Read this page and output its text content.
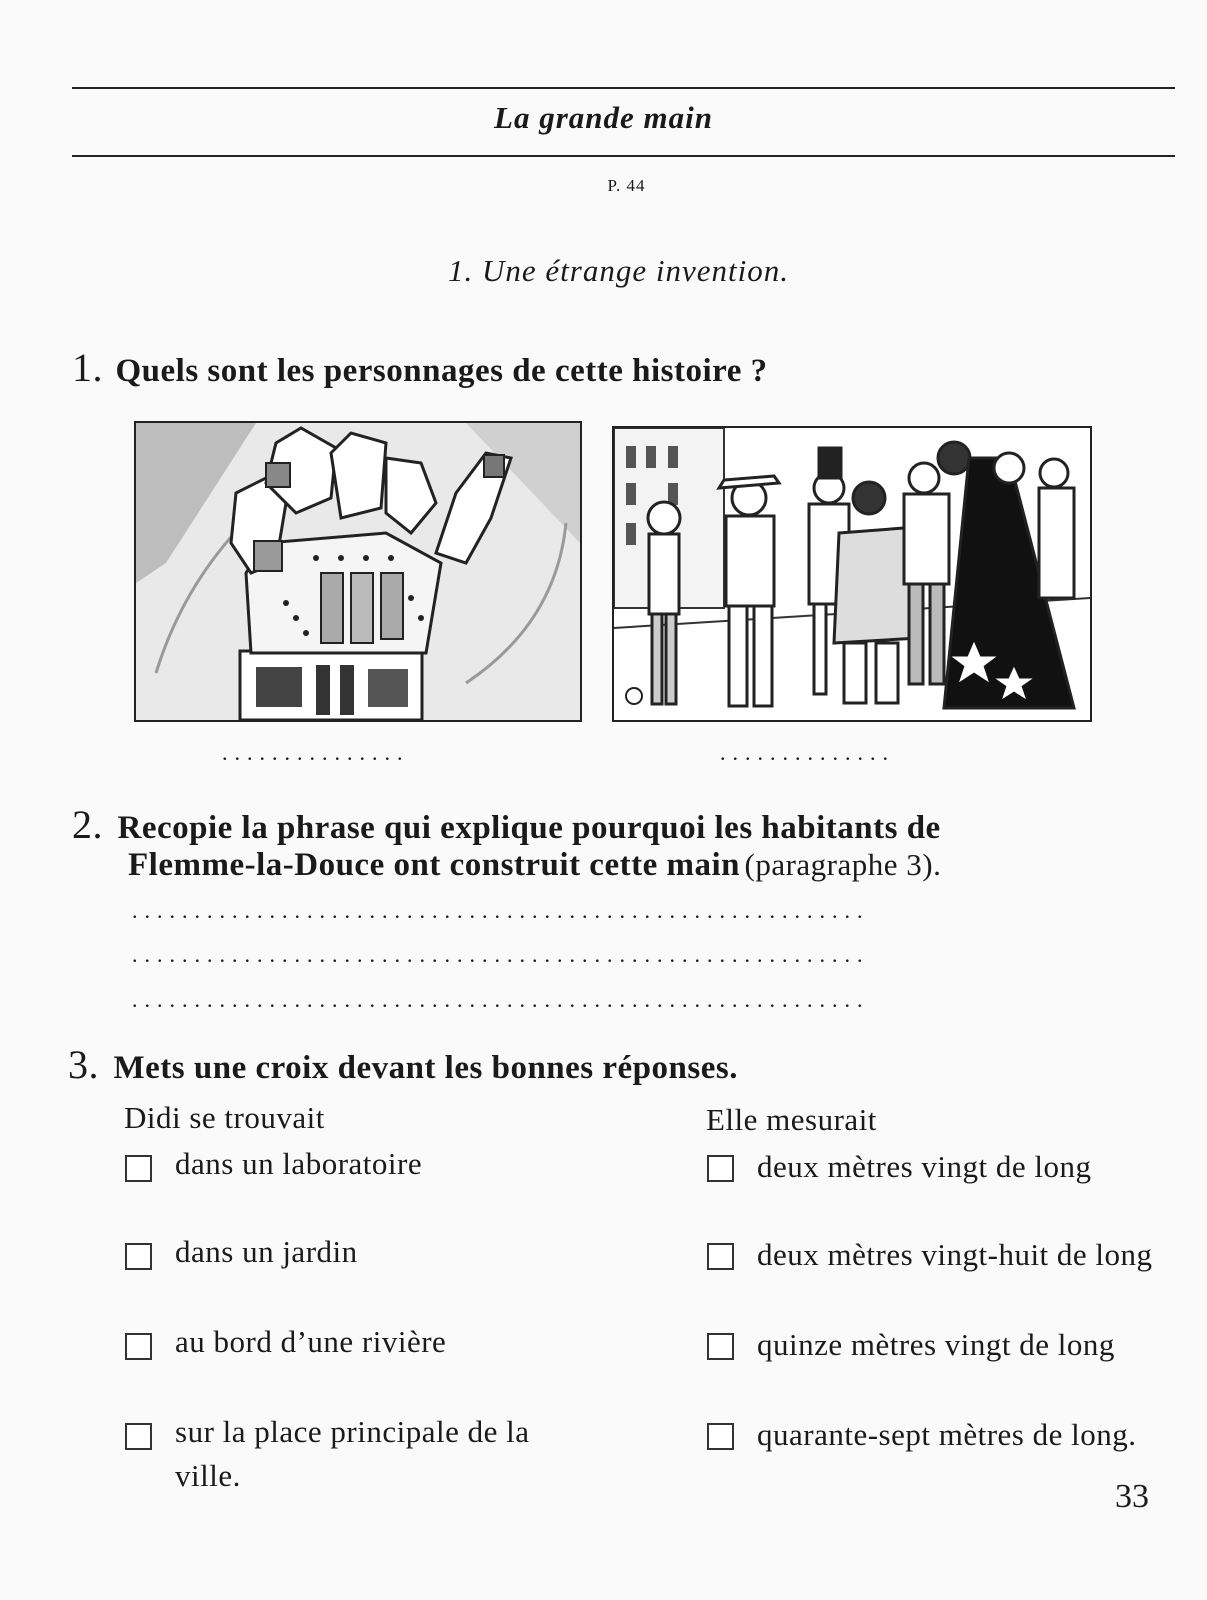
La grande main
P. 44
1. Une étrange invention.
1. Quels sont les personnages de cette histoire ?
...............	..............
2. Recopie la phrase qui explique pourquoi les habitants de
Flemme-la-Douce ont construit cette main (paragraphe 3).
...........................................................
...........................................................
...........................................................
3. Mets une croix devant les bonnes réponses.
Didi se trouvait	Elle mesurait
dans un laboratoire
dans un jardin
au bord d’une rivière
sur la place principale de la ville.
deux mètres vingt de long
deux mètres vingt-huit de long
quinze mètres vingt de long
quarante-sept mètres de long.
33
